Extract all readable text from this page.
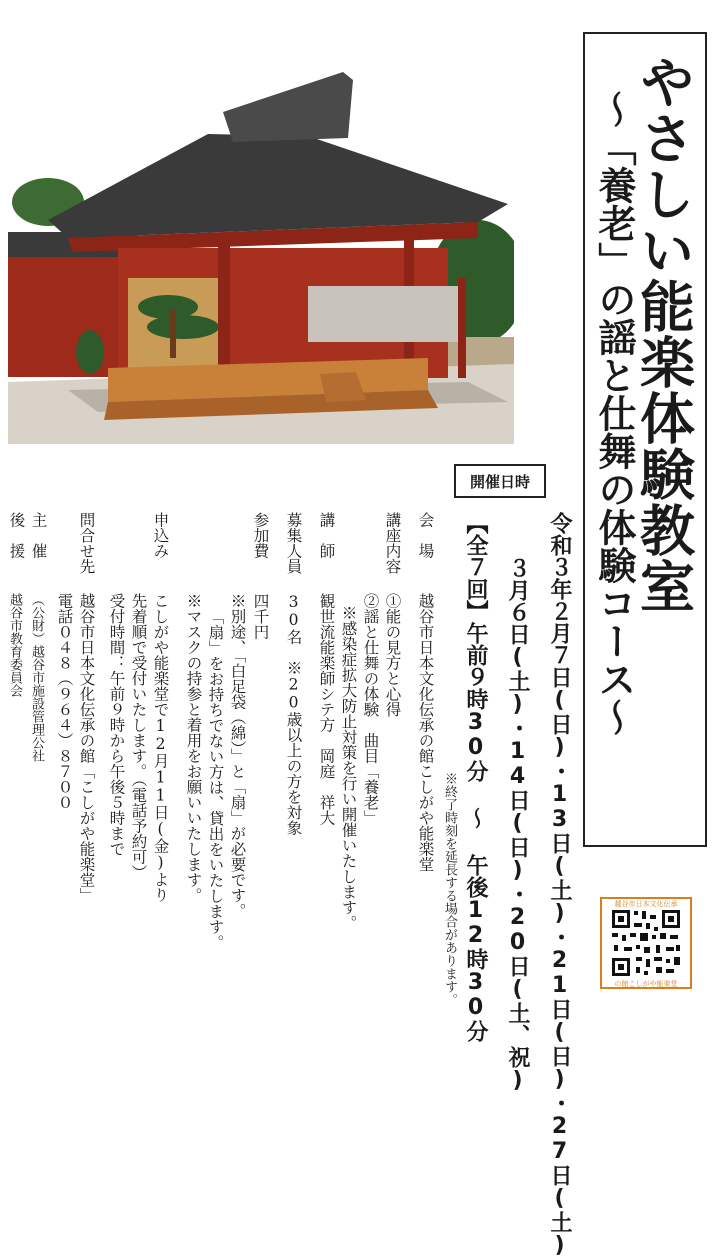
やさしい能楽体験教室
～「養老」の謡と仕舞の体験コース～
開催日時
令和３年２月７日(日)・13日(土)・21日(日)・27日(土)
３月６日(土)・14日(日)・20日(土、祝)
【全７回】午前９時30分 ～ 午後12時30分
※終了時刻を延長する場合があります。
会　場
講座内容
講　師
募集人員
参加費
申込み
問合せ先
主　催
後　援
越谷市日本文化伝承の館こしがや能楽堂
①能の見方と心得
②謡と仕舞の体験　曲目「養老」
※感染症拡大防止対策を行い開催いたします。
観世流能楽師シテ方　岡庭　祥大
30名　※20歳以上の方を対象
四千円
※別途、「白足袋（綿）」と「扇」が必要です。
「扇」をお持ちでない方は、貸出をいたします。
※マスクの持参と着用をお願いいたします。
こしがや能楽堂で12月11日(金)より
先着順で受付いたします。（電話予約可）
受付時間：午前９時から午後５時まで
越谷市日本文化伝承の館「こしがや能楽堂」
電話０４８（９６４）８７００
（公財）越谷市施設管理公社
越谷市教育委員会
越谷市日本文化伝承
の館こしがや能楽堂
